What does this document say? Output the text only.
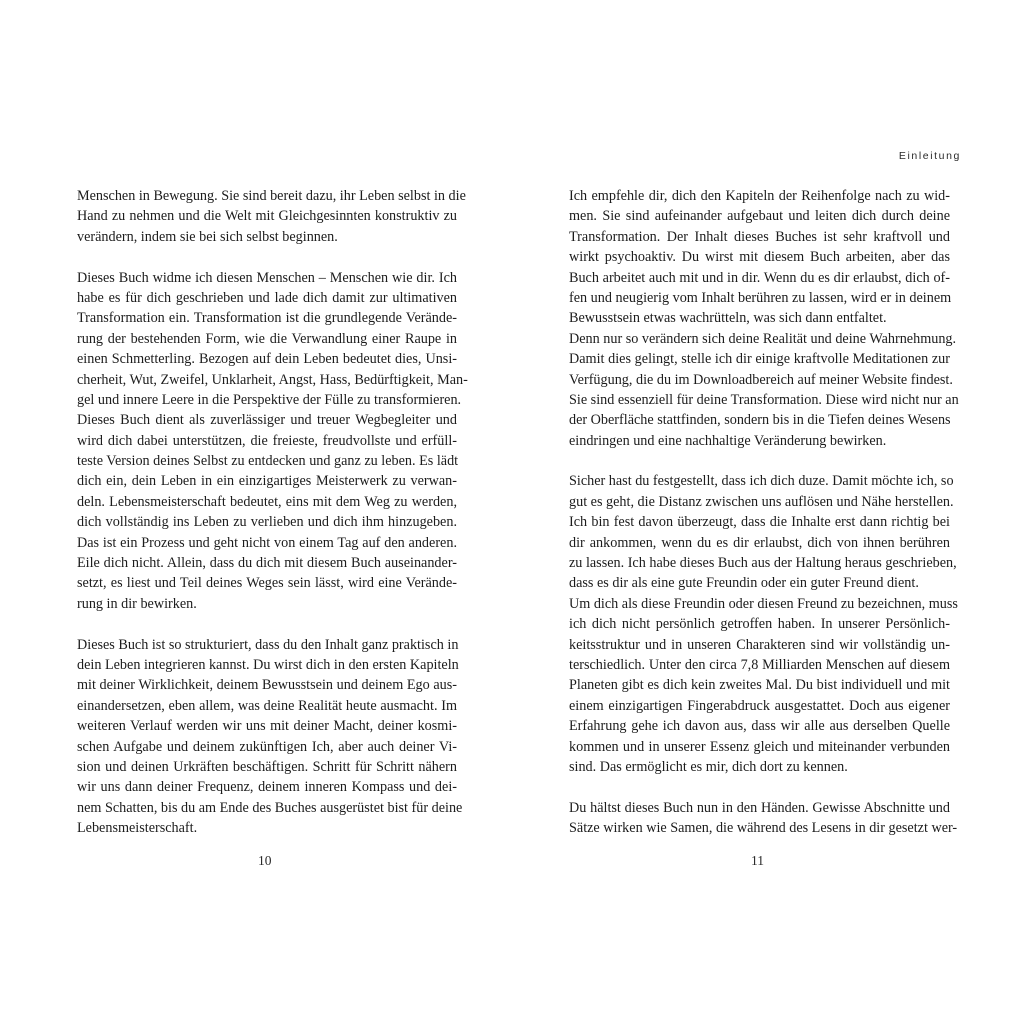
Menschen in Bewegung. Sie sind bereit dazu, ihr Leben selbst in die
Hand zu nehmen und die Welt mit Gleichgesinnten konstruktiv zu
verändern, indem sie bei sich selbst beginnen.
Dieses Buch widme ich diesen Menschen – Menschen wie dir. Ich
habe es für dich geschrieben und lade dich damit zur ultimativen
Transformation ein. Transformation ist die grundlegende Verände-
rung der bestehenden Form, wie die Verwandlung einer Raupe in
einen Schmetterling. Bezogen auf dein Leben bedeutet dies, Unsi-
cherheit, Wut, Zweifel, Unklarheit, Angst, Hass, Bedürftigkeit, Man-
gel und innere Leere in die Perspektive der Fülle zu transformieren.
Dieses Buch dient als zuverlässiger und treuer Wegbegleiter und
wird dich dabei unterstützen, die freieste, freudvollste und erfüll-
teste Version deines Selbst zu entdecken und ganz zu leben. Es lädt
dich ein, dein Leben in ein einzigartiges Meisterwerk zu verwan-
deln. Lebensmeisterschaft bedeutet, eins mit dem Weg zu werden,
dich vollständig ins Leben zu verlieben und dich ihm hinzugeben.
Das ist ein Prozess und geht nicht von einem Tag auf den anderen.
Eile dich nicht. Allein, dass du dich mit diesem Buch auseinander-
setzt, es liest und Teil deines Weges sein lässt, wird eine Verände-
rung in dir bewirken.
Dieses Buch ist so strukturiert, dass du den Inhalt ganz praktisch in
dein Leben integrieren kannst. Du wirst dich in den ersten Kapiteln
mit deiner Wirklichkeit, deinem Bewusstsein und deinem Ego aus-
einandersetzen, eben allem, was deine Realität heute ausmacht. Im
weiteren Verlauf werden wir uns mit deiner Macht, deiner kosmi-
schen Aufgabe und deinem zukünftigen Ich, aber auch deiner Vi-
sion und deinen Urkräften beschäftigen. Schritt für Schritt nähern
wir uns dann deiner Frequenz, deinem inneren Kompass und dei-
nem Schatten, bis du am Ende des Buches ausgerüstet bist für deine
Lebensmeisterschaft.
10
Einleitung
Ich empfehle dir, dich den Kapiteln der Reihenfolge nach zu wid-
men. Sie sind aufeinander aufgebaut und leiten dich durch deine
Transformation. Der Inhalt dieses Buches ist sehr kraftvoll und
wirkt psychoaktiv. Du wirst mit diesem Buch arbeiten, aber das
Buch arbeitet auch mit und in dir. Wenn du es dir erlaubst, dich of-
fen und neugierig vom Inhalt berühren zu lassen, wird er in deinem
Bewusstsein etwas wachrütteln, was sich dann entfaltet.
Denn nur so verändern sich deine Realität und deine Wahrnehmung.
Damit dies gelingt, stelle ich dir einige kraftvolle Meditationen zur
Verfügung, die du im Downloadbereich auf meiner Website findest.
Sie sind essenziell für deine Transformation. Diese wird nicht nur an
der Oberfläche stattfinden, sondern bis in die Tiefen deines Wesens
eindringen und eine nachhaltige Veränderung bewirken.
Sicher hast du festgestellt, dass ich dich duze. Damit möchte ich, so
gut es geht, die Distanz zwischen uns auflösen und Nähe herstellen.
Ich bin fest davon überzeugt, dass die Inhalte erst dann richtig bei
dir ankommen, wenn du es dir erlaubst, dich von ihnen berühren
zu lassen. Ich habe dieses Buch aus der Haltung heraus geschrieben,
dass es dir als eine gute Freundin oder ein guter Freund dient.
Um dich als diese Freundin oder diesen Freund zu bezeichnen, muss
ich dich nicht persönlich getroffen haben. In unserer Persönlich-
keitsstruktur und in unseren Charakteren sind wir vollständig un-
terschiedlich. Unter den circa 7,8 Milliarden Menschen auf diesem
Planeten gibt es dich kein zweites Mal. Du bist individuell und mit
einem einzigartigen Fingerabdruck ausgestattet. Doch aus eigener
Erfahrung gehe ich davon aus, dass wir alle aus derselben Quelle
kommen und in unserer Essenz gleich und miteinander verbunden
sind. Das ermöglicht es mir, dich dort zu kennen.
Du hältst dieses Buch nun in den Händen. Gewisse Abschnitte und
Sätze wirken wie Samen, die während des Lesens in dir gesetzt wer-
11
